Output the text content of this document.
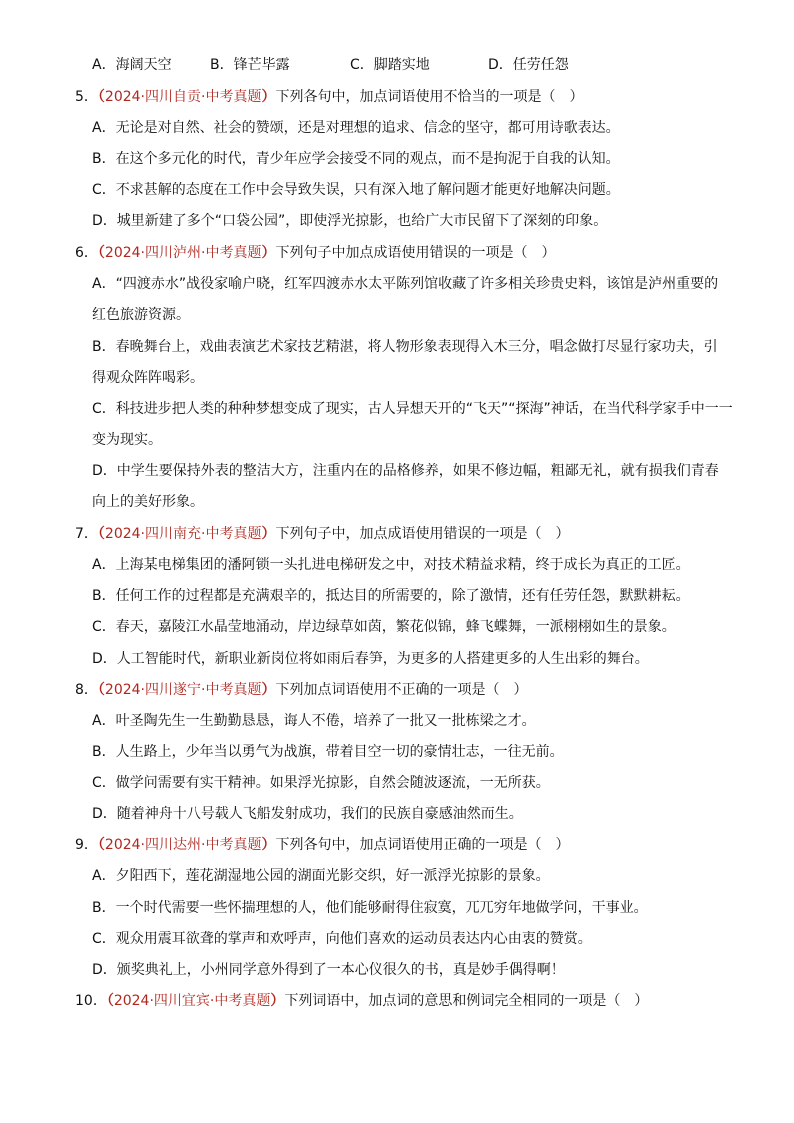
A．海阔天空	B．锋芒毕露	C．脚踏实地	D．任劳任怨
5．（2024·四川自贡·中考真题）下列各句中，加点词语使用不恰当的一项是（　）
A．无论是对自然、社会的赞颂，还是对理想的追求、信念的坚守，都可用诗歌表达。
B．在这个多元化的时代，青少年应学会接受不同的观点，而不是拘泥于自我的认知。
C．不求甚解的态度在工作中会导致失误，只有深入地了解问题才能更好地解决问题。
D．城里新建了多个“口袋公园”，即使浮光掠影，也给广大市民留下了深刻的印象。
6．（2024·四川泸州·中考真题）下列句子中加点成语使用错误的一项是（　）
A．“四渡赤水”战役家喻户晓，红军四渡赤水太平陈列馆收藏了许多相关珍贵史料，该馆是泸州重要的
红色旅游资源。
B．春晚舞台上，戏曲表演艺术家技艺精湛，将人物形象表现得入木三分，唱念做打尽显行家功夫，引
得观众阵阵喝彩。
C．科技进步把人类的种种梦想变成了现实，古人异想天开的“飞天”“探海”神话，在当代科学家手中一一
变为现实。
D．中学生要保持外表的整洁大方，注重内在的品格修养，如果不修边幅，粗鄙无礼，就有损我们青春
向上的美好形象。
7．（2024·四川南充·中考真题）下列句子中，加点成语使用错误的一项是（　）
A．上海某电梯集团的潘阿锁一头扎进电梯研发之中，对技术精益求精，终于成长为真正的工匠。
B．任何工作的过程都是充满艰辛的，抵达目的所需要的，除了激情，还有任劳任怨，默默耕耘。
C．春天，嘉陵江水晶莹地涌动，岸边绿草如茵，繁花似锦，蜂飞蝶舞，一派栩栩如生的景象。
D．人工智能时代，新职业新岗位将如雨后春笋，为更多的人搭建更多的人生出彩的舞台。
8．（2024·四川遂宁·中考真题）下列加点词语使用不正确的一项是（　）
A．叶圣陶先生一生勤勤恳恳，诲人不倦，培养了一批又一批栋梁之才。
B．人生路上，少年当以勇气为战旗，带着目空一切的豪情壮志，一往无前。
C．做学问需要有实干精神。如果浮光掠影，自然会随波逐流，一无所获。
D．随着神舟十八号载人飞船发射成功，我们的民族自豪感油然而生。
9．（2024·四川达州·中考真题）下列各句中，加点词语使用正确的一项是（　）
A．夕阳西下，莲花湖湿地公园的湖面光影交织，好一派浮光掠影的景象。
B．一个时代需要一些怀揣理想的人，他们能够耐得住寂寞，兀兀穷年地做学问，干事业。
C．观众用震耳欲聋的掌声和欢呼声，向他们喜欢的运动员表达内心由衷的赞赏。
D．颁奖典礼上，小州同学意外得到了一本心仪很久的书，真是妙手偶得啊！
10．（2024·四川宜宾·中考真题）下列词语中，加点词的意思和例词完全相同的一项是（　）
